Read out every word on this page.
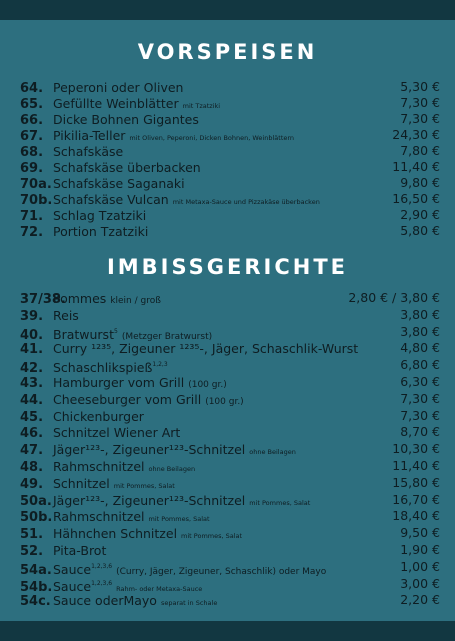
VORSPEISEN
64. Peperoni oder Oliven	5,30 €
65. Gefüllte Weinblätter mit Tzatziki	7,30 €
66. Dicke Bohnen Gigantes	7,30 €
67. Pikilia-Teller mit Oliven, Peperoni, Dicken Bohnen, Weinblättern	24,30 €
68. Schafskäse	7,80 €
69. Schafskäse überbacken	11,40 €
70a.Schafskäse Saganaki	9,80 €
70b.Schafskäse Vulcan mit Metaxa-Sauce und Pizzakäse überbacken	16,50 €
71. Schlag Tzatziki	2,90 €
72. Portion Tzatziki	5,80 €
IMBISSGERICHTE
37/38.Pommes klein / groß	2,80 € / 3,80 €
39. Reis	3,80 €
40. Bratwurst$^5$(Metzger Bratwurst)	3,80 €
41. Curry ¹²³⁵, Zigeuner ¹²³⁵-, Jäger, Schaschlik-Wurst	4,80 €
42. Schaschlikspieß$^{1,2,3}$	6,80 €
43. Hamburger vom Grill (100 gr.)	6,30 €
44. Cheeseburger vom Grill (100 gr.)	7,30 €
45. Chickenburger	7,30 €
46. Schnitzel Wiener Art	8,70 €
47. Jäger¹²³-, Zigeuner¹²³-Schnitzel ohne Beilagen	10,30 €
48. Rahmschnitzel ohne Beilagen	11,40 €
49. Schnitzel mit Pommes, Salat	15,80 €
50a.Jäger¹²³-, Zigeuner¹²³-Schnitzel mit Pommes, Salat	16,70 €
50b.Rahmschnitzel mit Pommes, Salat	18,40 €
51. Hähnchen Schnitzel mit Pommes, Salat	9,50 €
52. Pita-Brot	1,90 €
54a.Sauce$^{1,2,3,6}$(Curry, Jäger, Zigeuner, Schaschlik) oder Mayo	1,00 €
54b.Sauce$^{1,2,3,6}$Rahm- oder Metaxa-Sauce	3,00 €
54c. Sauce oderMayo separat in Schale	2,20 €
